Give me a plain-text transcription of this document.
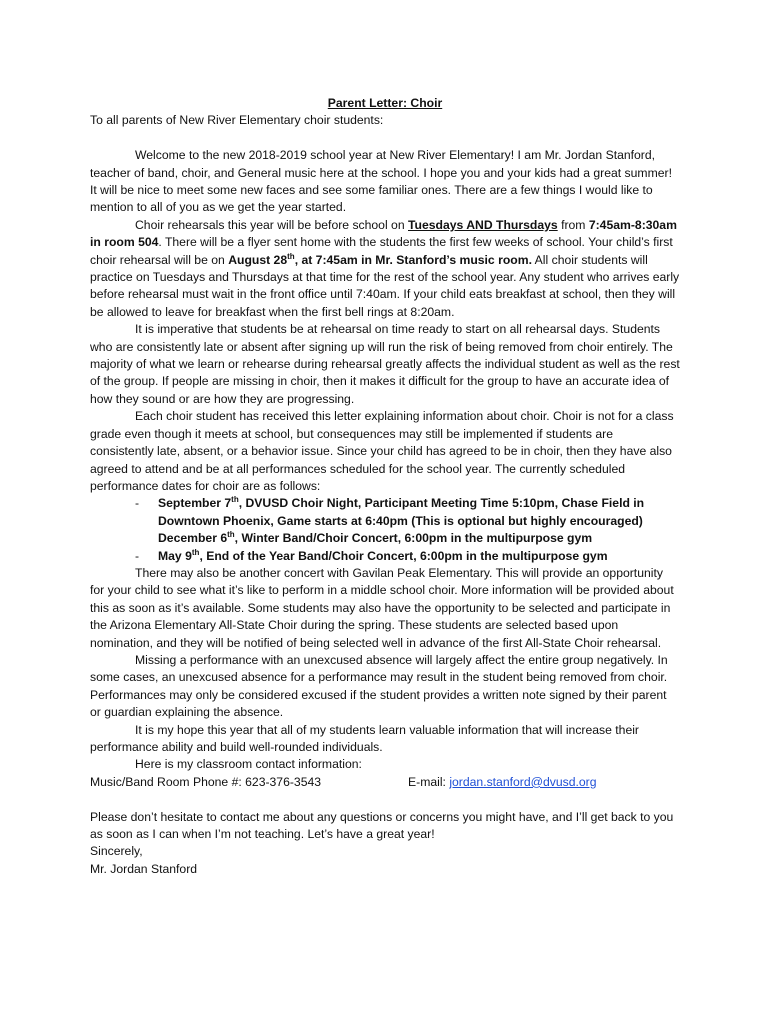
Parent Letter: Choir

To all parents of New River Elementary choir students:

Welcome to the new 2018-2019 school year at New River Elementary! I am Mr. Jordan Stanford, teacher of band, choir, and General music here at the school. I hope you and your kids had a great summer! It will be nice to meet some new faces and see some familiar ones. There are a few things I would like to mention to all of you as we get the year started.

Choir rehearsals this year will be before school on Tuesdays AND Thursdays from 7:45am-8:30am in room 504. There will be a flyer sent home with the students the first few weeks of school. Your child’s first choir rehearsal will be on August 28th, at 7:45am in Mr. Stanford’s music room. All choir students will practice on Tuesdays and Thursdays at that time for the rest of the school year. Any student who arrives early before rehearsal must wait in the front office until 7:40am. If your child eats breakfast at school, then they will be allowed to leave for breakfast when the first bell rings at 8:20am.

It is imperative that students be at rehearsal on time ready to start on all rehearsal days. Students who are consistently late or absent after signing up will run the risk of being removed from choir entirely. The majority of what we learn or rehearse during rehearsal greatly affects the individual student as well as the rest of the group. If people are missing in choir, then it makes it difficult for the group to have an accurate idea of how they sound or are how they are progressing.

Each choir student has received this letter explaining information about choir. Choir is not for a class grade even though it meets at school, but consequences may still be implemented if students are consistently late, absent, or a behavior issue. Since your child has agreed to be in choir, then they have also agreed to attend and be at all performances scheduled for the school year. The currently scheduled performance dates for choir are as follows:

- September 7th, DVUSD Choir Night, Participant Meeting Time 5:10pm, Chase Field in Downtown Phoenix, Game starts at 6:40pm (This is optional but highly encouraged)
December 6th, Winter Band/Choir Concert, 6:00pm in the multipurpose gym
- May 9th, End of the Year Band/Choir Concert, 6:00pm in the multipurpose gym

There may also be another concert with Gavilan Peak Elementary. This will provide an opportunity for your child to see what it’s like to perform in a middle school choir. More information will be provided about this as soon as it’s available. Some students may also have the opportunity to be selected and participate in the Arizona Elementary All-State Choir during the spring. These students are selected based upon nomination, and they will be notified of being selected well in advance of the first All-State Choir rehearsal.

Missing a performance with an unexcused absence will largely affect the entire group negatively. In some cases, an unexcused absence for a performance may result in the student being removed from choir. Performances may only be considered excused if the student provides a written note signed by their parent or guardian explaining the absence.

It is my hope this year that all of my students learn valuable information that will increase their performance ability and build well-rounded individuals.

Here is my classroom contact information:

Music/Band Room Phone #: 623-376-3543	E-mail: jordan.stanford@dvusd.org

Please don’t hesitate to contact me about any questions or concerns you might have, and I’ll get back to you as soon as I can when I’m not teaching. Let’s have a great year!

Sincerely,

Mr. Jordan Stanford
